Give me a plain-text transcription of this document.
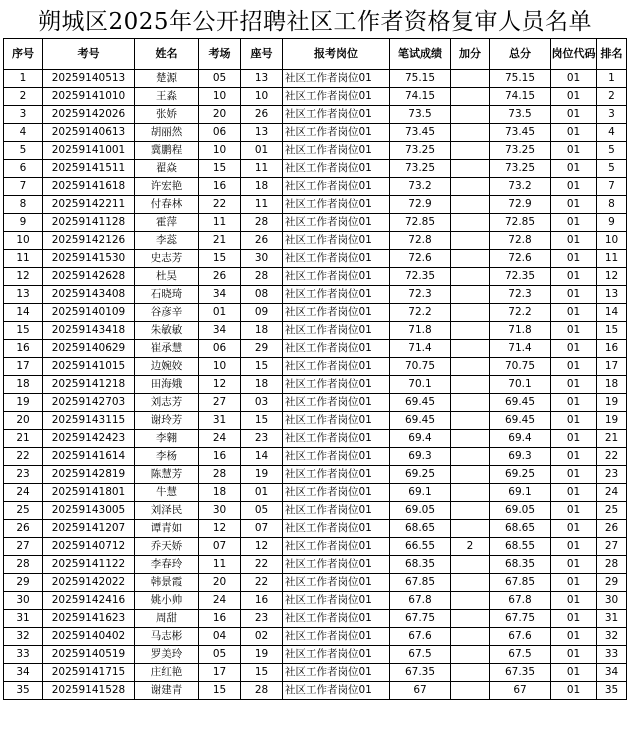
朔城区2025年公开招聘社区工作者资格复审人员名单
序号	考号	姓名	考场	座号	报考岗位	笔试成绩	加分	总分	岗位代码	排名
1	20259140513	楚源	05	13	社区工作者岗位01	75.15		75.15	01	1
2	20259141010	王淼	10	10	社区工作者岗位01	74.15		74.15	01	2
3	20259142026	张娇	20	26	社区工作者岗位01	73.5		73.5	01	3
4	20259140613	胡丽然	06	13	社区工作者岗位01	73.45		73.45	01	4
5	20259141001	冀鹏程	10	01	社区工作者岗位01	73.25		73.25	01	5
6	20259141511	翟焱	15	11	社区工作者岗位01	73.25		73.25	01	5
7	20259141618	许宏艳	16	18	社区工作者岗位01	73.2		73.2	01	7
8	20259142211	付春林	22	11	社区工作者岗位01	72.9		72.9	01	8
9	20259141128	霍萍	11	28	社区工作者岗位01	72.85		72.85	01	9
10	20259142126	李蕊	21	26	社区工作者岗位01	72.8		72.8	01	10
11	20259141530	史志芳	15	30	社区工作者岗位01	72.6		72.6	01	11
12	20259142628	杜昊	26	28	社区工作者岗位01	72.35		72.35	01	12
13	20259143408	石晓琦	34	08	社区工作者岗位01	72.3		72.3	01	13
14	20259140109	谷彦辛	01	09	社区工作者岗位01	72.2		72.2	01	14
15	20259143418	朱敏敏	34	18	社区工作者岗位01	71.8		71.8	01	15
16	20259140629	崔承慧	06	29	社区工作者岗位01	71.4		71.4	01	16
17	20259141015	边婉姣	10	15	社区工作者岗位01	70.75		70.75	01	17
18	20259141218	田海娥	12	18	社区工作者岗位01	70.1		70.1	01	18
19	20259142703	刘志芳	27	03	社区工作者岗位01	69.45		69.45	01	19
20	20259143115	谢玲芳	31	15	社区工作者岗位01	69.45		69.45	01	19
21	20259142423	李翱	24	23	社区工作者岗位01	69.4		69.4	01	21
22	20259141614	李杨	16	14	社区工作者岗位01	69.3		69.3	01	22
23	20259142819	陈慧芳	28	19	社区工作者岗位01	69.25		69.25	01	23
24	20259141801	牛慧	18	01	社区工作者岗位01	69.1		69.1	01	24
25	20259143005	刘泽民	30	05	社区工作者岗位01	69.05		69.05	01	25
26	20259141207	谭青如	12	07	社区工作者岗位01	68.65		68.65	01	26
27	20259140712	乔天娇	07	12	社区工作者岗位01	66.55	2	68.55	01	27
28	20259141122	李春玲	11	22	社区工作者岗位01	68.35		68.35	01	28
29	20259142022	韩景霞	20	22	社区工作者岗位01	67.85		67.85	01	29
30	20259142416	姚小帅	24	16	社区工作者岗位01	67.8		67.8	01	30
31	20259141623	周甜	16	23	社区工作者岗位01	67.75		67.75	01	31
32	20259140402	马志彬	04	02	社区工作者岗位01	67.6		67.6	01	32
33	20259140519	罗美玲	05	19	社区工作者岗位01	67.5		67.5	01	33
34	20259141715	庄红艳	17	15	社区工作者岗位01	67.35		67.35	01	34
35	20259141528	谢建青	15	28	社区工作者岗位01	67		67	01	35
